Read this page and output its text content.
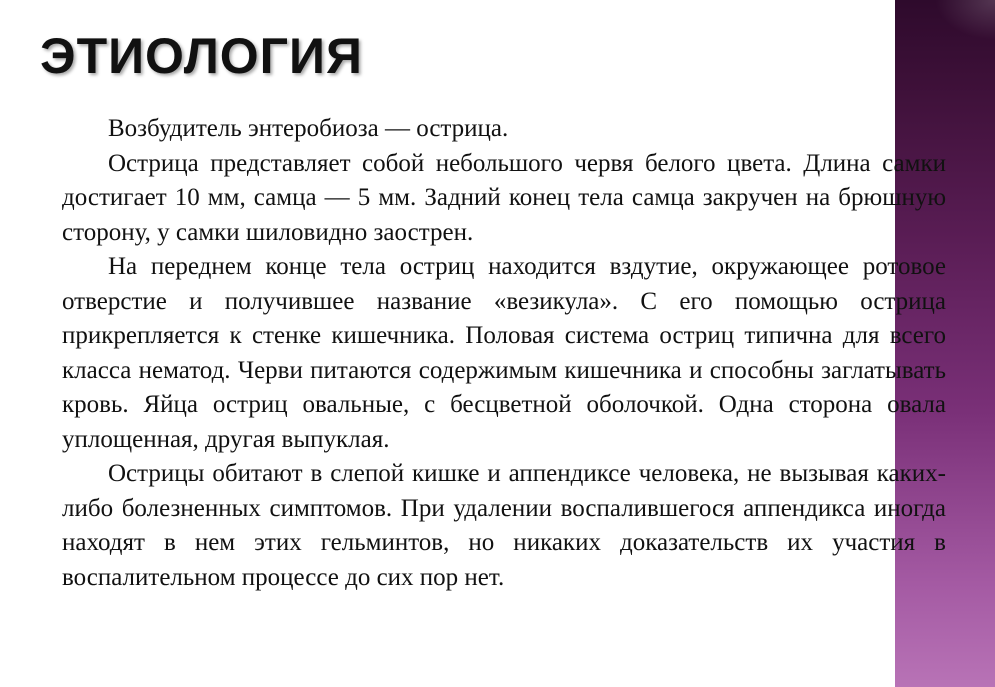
ЭТИОЛОГИЯ

Возбудитель энтеробиоза — острица.

Острица представляет собой небольшого червя белого цвета. Длина самки достигает 10 мм, самца — 5 мм. Задний конец тела самца закручен на брюшную сторону, у самки шиловидно заострен.

На переднем конце тела остриц находится вздутие, окружающее ротовое отверстие и получившее название «везикула». С его помощью острица прикрепляется к стенке кишечника. Половая система остриц типична для всего класса нематод. Черви питаются содержимым кишечника и способны заглатывать кровь. Яйца остриц овальные, с бесцветной оболочкой. Одна сторона овала уплощенная, другая выпуклая.

Острицы обитают в слепой кишке и аппендиксе человека, не вызывая каких-либо болезненных симптомов. При удалении воспалившегося аппендикса иногда находят в нем этих гельминтов, но никаких доказательств их участия в воспалительном процессе до сих пор нет.
